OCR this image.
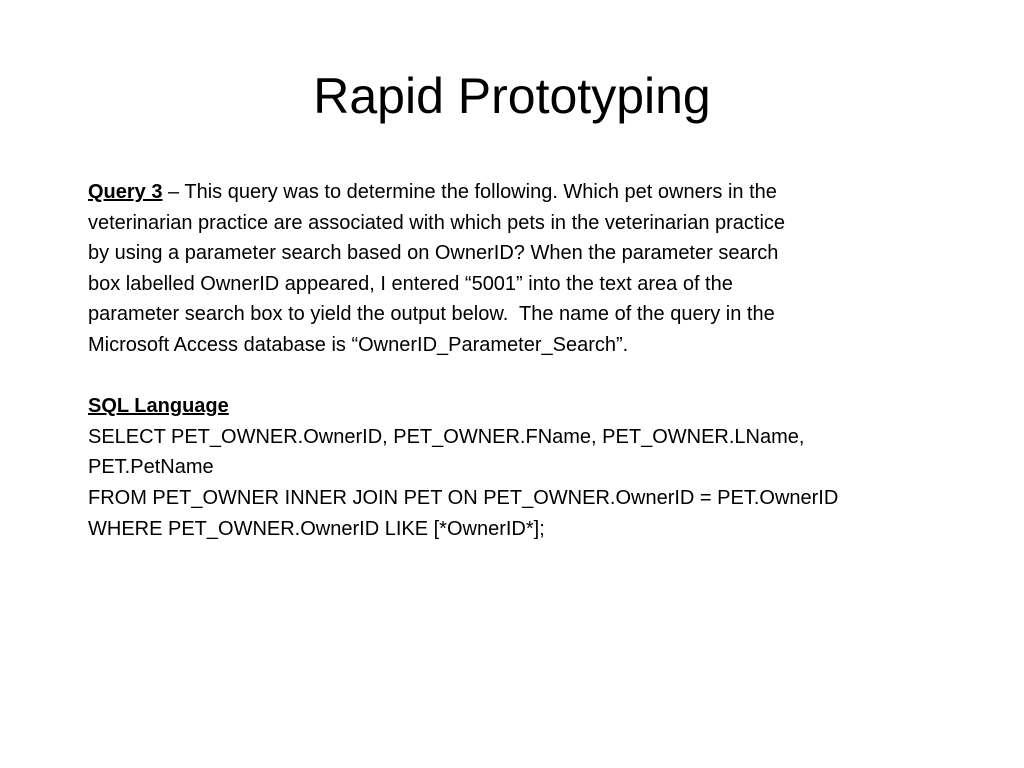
Rapid Prototyping
Query 3 – This query was to determine the following. Which pet owners in the
veterinarian practice are associated with which pets in the veterinarian practice
by using a parameter search based on OwnerID? When the parameter search
box labelled OwnerID appeared, I entered “5001” into the text area of the
parameter search box to yield the output below.  The name of the query in the
Microsoft Access database is “OwnerID_Parameter_Search”.
SQL Language
SELECT PET_OWNER.OwnerID, PET_OWNER.FName, PET_OWNER.LName,
PET.PetName
FROM PET_OWNER INNER JOIN PET ON PET_OWNER.OwnerID = PET.OwnerID
WHERE PET_OWNER.OwnerID LIKE [*OwnerID*];
